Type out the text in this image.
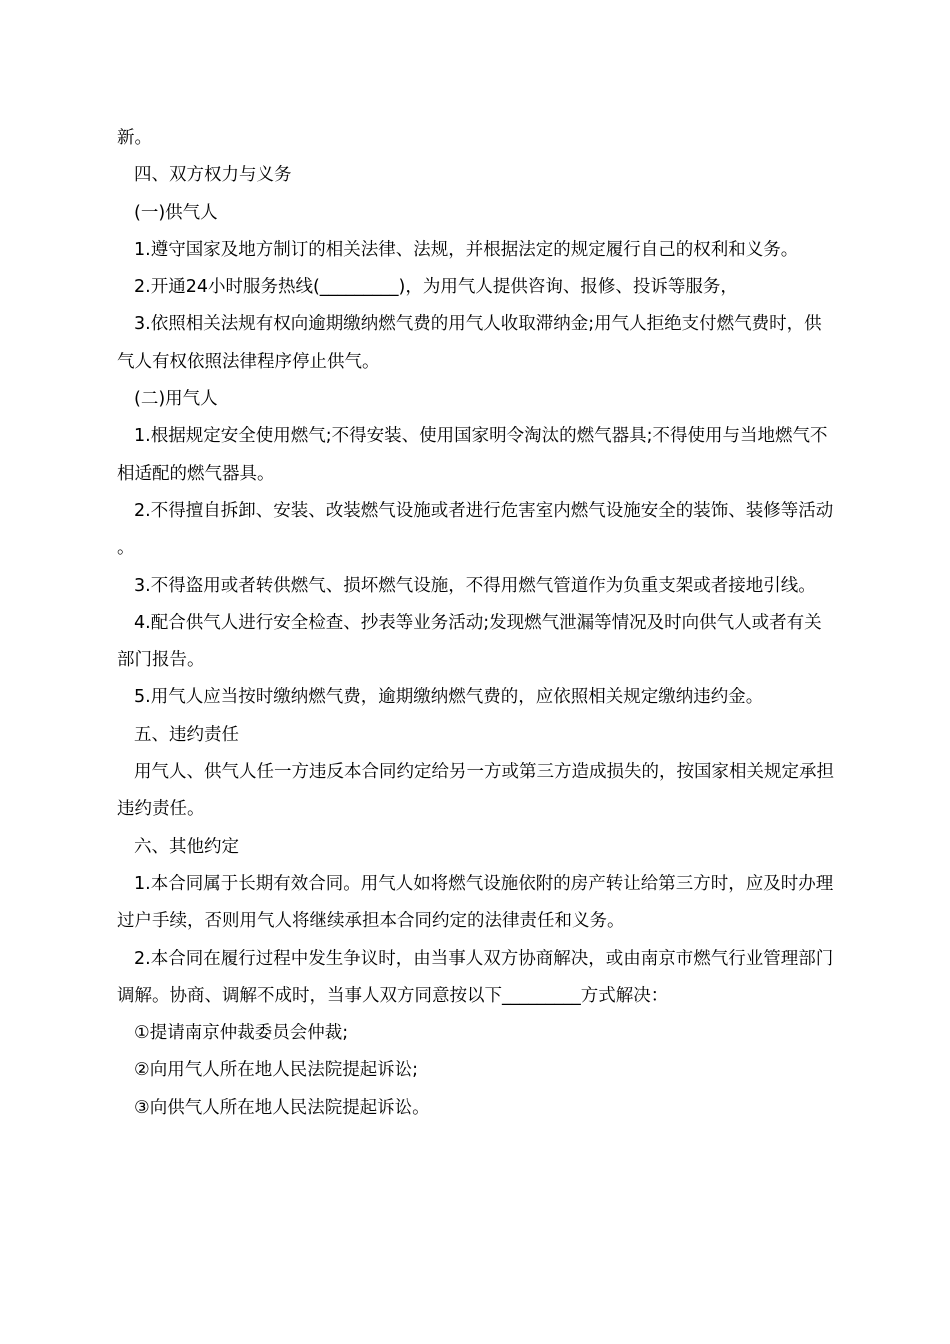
新。

四、双方权力与义务

(一)供气人

1.遵守国家及地方制订的相关法律、法规，并根据法定的规定履行自己的权利和义务。

2.开通24小时服务热线(_________)，为用气人提供咨询、报修、投诉等服务，

3.依照相关法规有权向逾期缴纳燃气费的用气人收取滞纳金;用气人拒绝支付燃气费时，供气人有权依照法律程序停止供气。

(二)用气人

1.根据规定安全使用燃气;不得安装、使用国家明令淘汰的燃气器具;不得使用与当地燃气不相适配的燃气器具。

2.不得擅自拆卸、安装、改装燃气设施或者进行危害室内燃气设施安全的装饰、装修等活动。

3.不得盗用或者转供燃气、损坏燃气设施，不得用燃气管道作为负重支架或者接地引线。

4.配合供气人进行安全检查、抄表等业务活动;发现燃气泄漏等情况及时向供气人或者有关部门报告。

5.用气人应当按时缴纳燃气费，逾期缴纳燃气费的，应依照相关规定缴纳违约金。

五、违约责任

用气人、供气人任一方违反本合同约定给另一方或第三方造成损失的，按国家相关规定承担违约责任。

六、其他约定

1.本合同属于长期有效合同。用气人如将燃气设施依附的房产转让给第三方时，应及时办理过户手续，否则用气人将继续承担本合同约定的法律责任和义务。

2.本合同在履行过程中发生争议时，由当事人双方协商解决，或由南京市燃气行业管理部门调解。协商、调解不成时，当事人双方同意按以下_________方式解决：

①提请南京仲裁委员会仲裁;

②向用气人所在地人民法院提起诉讼;

③向供气人所在地人民法院提起诉讼。
